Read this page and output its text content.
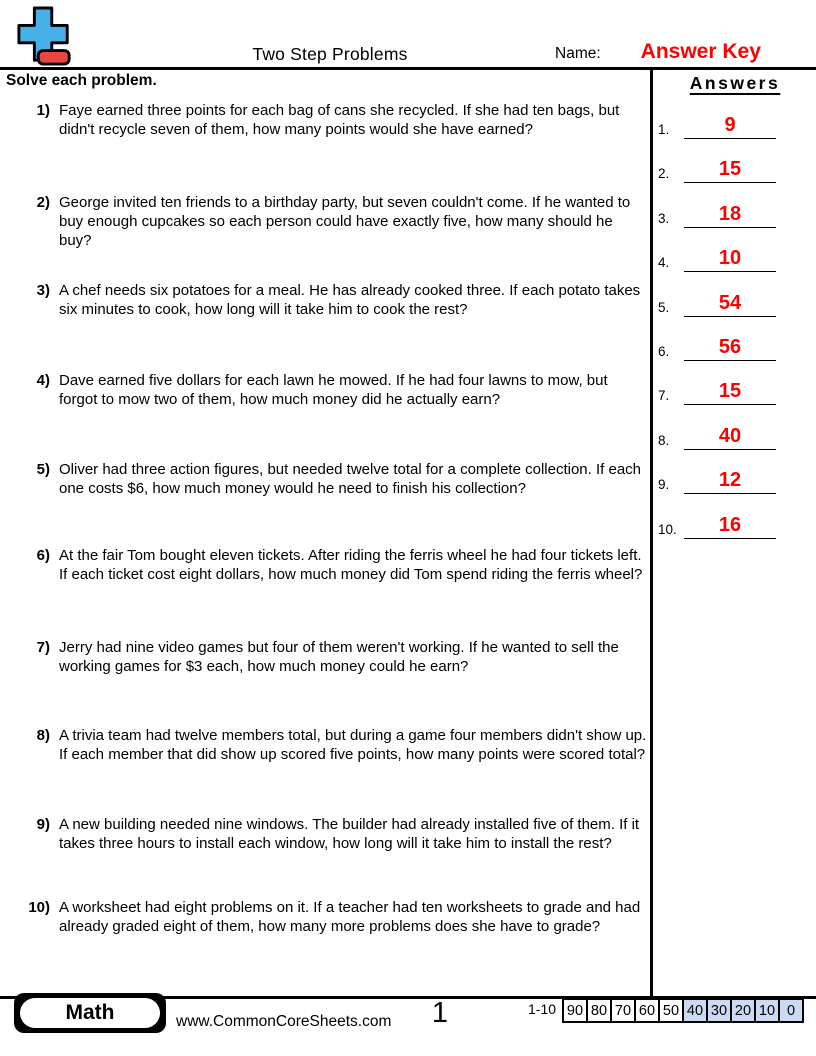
Two Step Problems	Name: Answer Key
Solve each problem.
1) Faye earned three points for each bag of cans she recycled. If she had ten bags, but didn't recycle seven of them, how many points would she have earned?

2) George invited ten friends to a birthday party, but seven couldn't come. If he wanted to buy enough cupcakes so each person could have exactly five, how many should he buy?

3) A chef needs six potatoes for a meal. He has already cooked three. If each potato takes six minutes to cook, how long will it take him to cook the rest?

4) Dave earned five dollars for each lawn he mowed. If he had four lawns to mow, but forgot to mow two of them, how much money did he actually earn?

5) Oliver had three action figures, but needed twelve total for a complete collection. If each one costs $6, how much money would he need to finish his collection?

6) At the fair Tom bought eleven tickets. After riding the ferris wheel he had four tickets left. If each ticket cost eight dollars, how much money did Tom spend riding the ferris wheel?

7) Jerry had nine video games but four of them weren't working. If he wanted to sell the working games for $3 each, how much money could he earn?

8) A trivia team had twelve members total, but during a game four members didn't show up. If each member that did show up scored five points, how many points were scored total?

9) A new building needed nine windows. The builder had already installed five of them. If it takes three hours to install each window, how long will it take him to install the rest?

10) A worksheet had eight problems on it. If a teacher had ten worksheets to grade and had already graded eight of them, how many more problems does she have to grade?

Answers
1.	9
2. 15
3. 18
4. 10
5. 54
6. 56
7. 15
8. 40
9. 12
10. 16
Math	www.CommonCoreSheets.com	1	1-10 90 80 70 60 50 40 30 20 10 0
